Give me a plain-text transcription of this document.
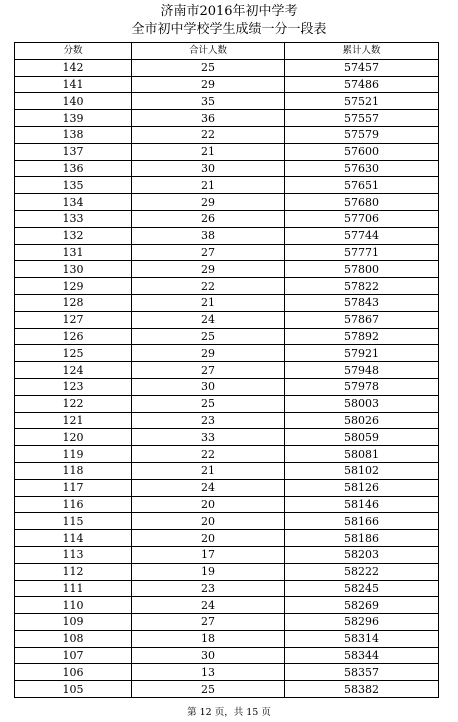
济南市2016年初中学考
全市初中学校学生成绩一分一段表
分数	合计人数	累计人数
142	25	57457
141	29	57486
140	35	57521
139	36	57557
138	22	57579
137	21	57600
136	30	57630
135	21	57651
134	29	57680
133	26	57706
132	38	57744
131	27	57771
130	29	57800
129	22	57822
128	21	57843
127	24	57867
126	25	57892
125	29	57921
124	27	57948
123	30	57978
122	25	58003
121	23	58026
120	33	58059
119	22	58081
118	21	58102
117	24	58126
116	20	58146
115	20	58166
114	20	58186
113	17	58203
112	19	58222
111	23	58245
110	24	58269
109	27	58296
108	18	58314
107	30	58344
106	13	58357
105	25	58382
第 12 页，共 15 页
